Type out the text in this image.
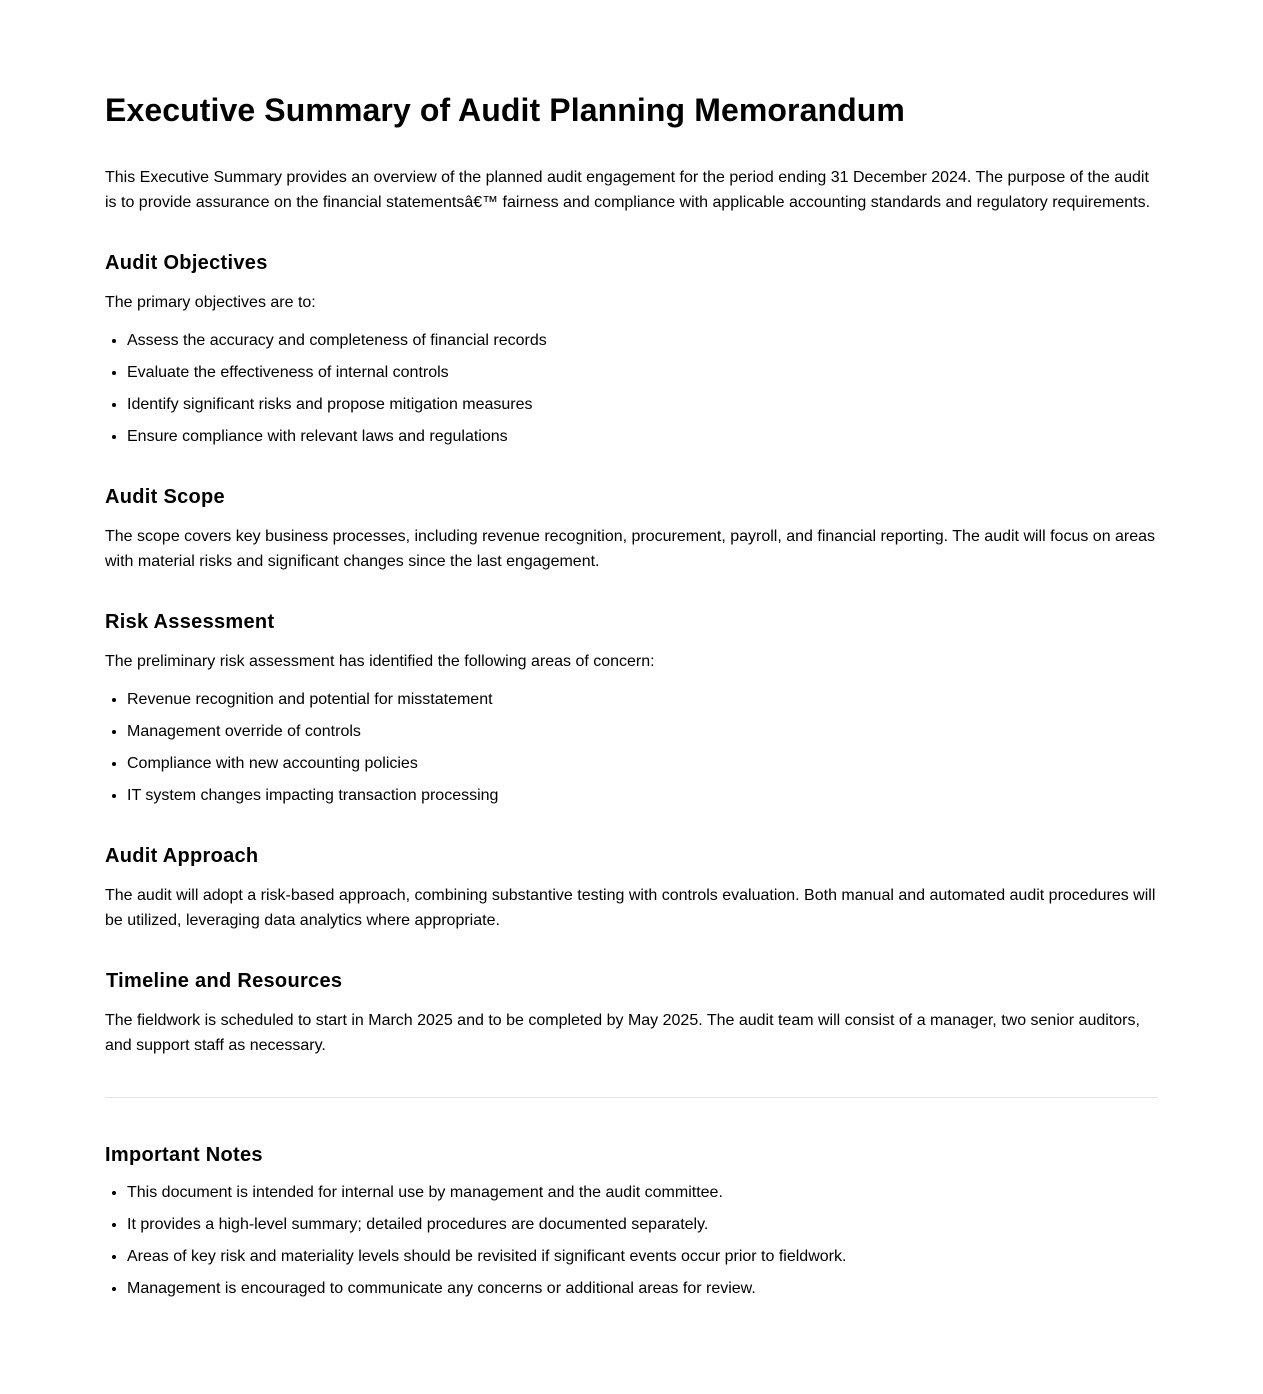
Executive Summary of Audit Planning Memorandum

This Executive Summary provides an overview of the planned audit engagement for the period ending 31 December 2024. The purpose of the audit is to provide assurance on the financial statementsâ€™ fairness and compliance with applicable accounting standards and regulatory requirements.

Audit Objectives

The primary objectives are to:

• Assess the accuracy and completeness of financial records
• Evaluate the effectiveness of internal controls
• Identify significant risks and propose mitigation measures
• Ensure compliance with relevant laws and regulations
Audit Scope

The scope covers key business processes, including revenue recognition, procurement, payroll, and financial reporting. The audit will focus on areas with material risks and significant changes since the last engagement.

Risk Assessment

The preliminary risk assessment has identified the following areas of concern:

• Revenue recognition and potential for misstatement
• Management override of controls
• Compliance with new accounting policies
• IT system changes impacting transaction processing
Audit Approach

The audit will adopt a risk-based approach, combining substantive testing with controls evaluation. Both manual and automated audit procedures will be utilized, leveraging data analytics where appropriate.

Timeline and Resources

The fieldwork is scheduled to start in March 2025 and to be completed by May 2025. The audit team will consist of a manager, two senior auditors, and support staff as necessary.

Important Notes
• This document is intended for internal use by management and the audit committee.
• It provides a high-level summary; detailed procedures are documented separately.
• Areas of key risk and materiality levels should be revisited if significant events occur prior to fieldwork.
• Management is encouraged to communicate any concerns or additional areas for review.
